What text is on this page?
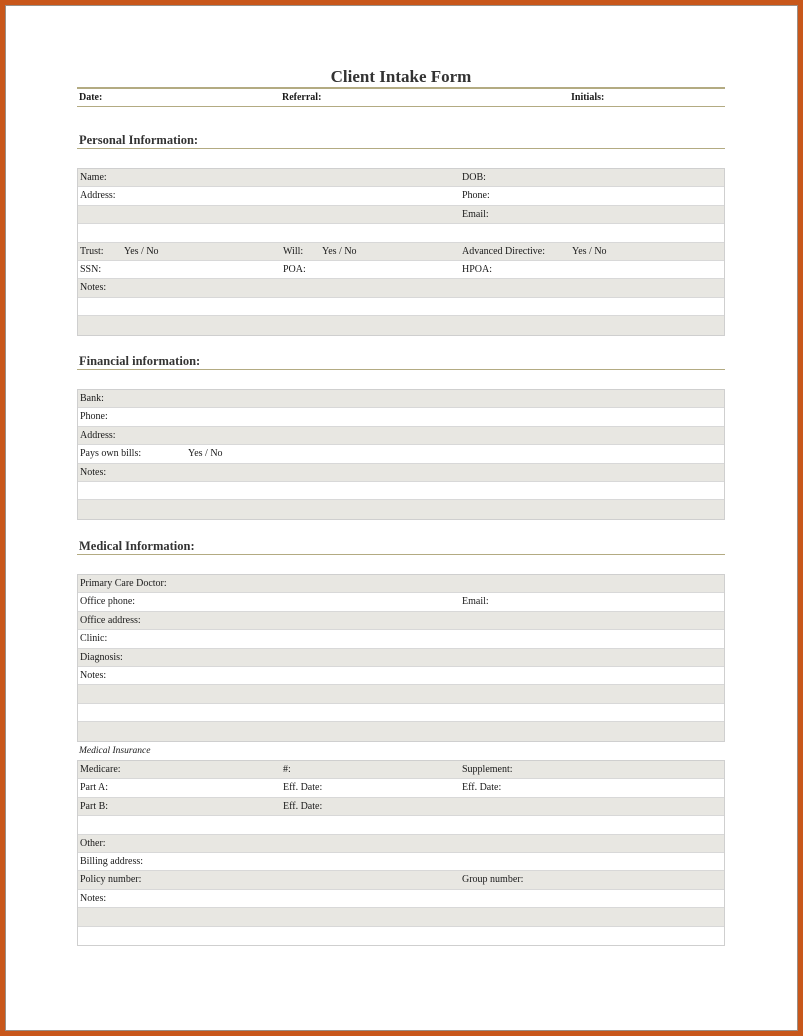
Client Intake Form
Date:	Referral:	Initials:
Personal Information:
Name:	DOB:
Address:	Phone:
Email:
Trust: Yes / No	Will: Yes / No	Advanced Directive:	Yes / No
SSN:	POA:	HPOA:
Notes:
Financial information:
Bank:
Phone:
Address:
Pays own bills:	Yes / No
Notes:
Medical Information:
Primary Care Doctor:
Office phone:	Email:
Office address:
Clinic:
Diagnosis:
Notes:
Medical Insurance
Medicare:	#:	Supplement:
Part A:	Eff. Date:	Eff. Date:
Part B:	Eff. Date:
Other:
Billing address:
Policy number:	Group number:
Notes:
